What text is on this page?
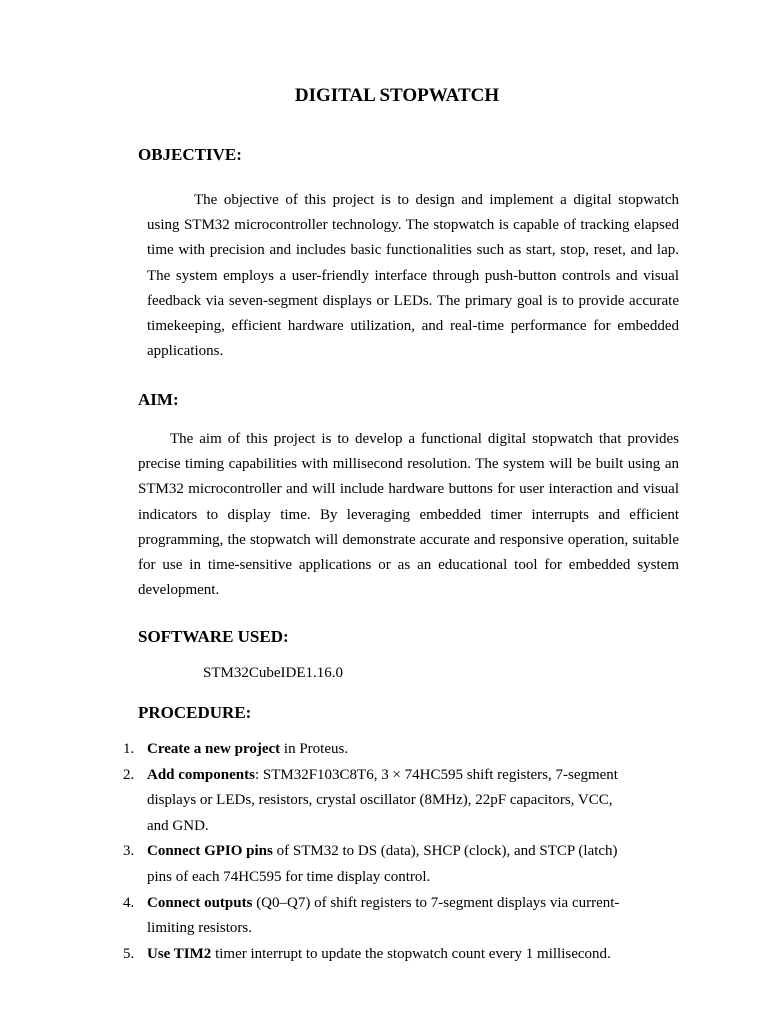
DIGITAL STOPWATCH
OBJECTIVE:
The objective of this project is to design and implement a digital stopwatch using STM32 microcontroller technology. The stopwatch is capable of tracking elapsed time with precision and includes basic functionalities such as start, stop, reset, and lap. The system employs a user-friendly interface through push-button controls and visual feedback via seven-segment displays or LEDs. The primary goal is to provide accurate timekeeping, efficient hardware utilization, and real-time performance for embedded applications.
AIM:
The aim of this project is to develop a functional digital stopwatch that provides precise timing capabilities with millisecond resolution. The system will be built using an STM32 microcontroller and will include hardware buttons for user interaction and visual indicators to display time. By leveraging embedded timer interrupts and efficient programming, the stopwatch will demonstrate accurate and responsive operation, suitable for use in time-sensitive applications or as an educational tool for embedded system development.
SOFTWARE USED:
STM32CubeIDE1.16.0
PROCEDURE:
1. Create a new project in Proteus.
2. Add components: STM32F103C8T6, 3 × 74HC595 shift registers, 7-segment displays or LEDs, resistors, crystal oscillator (8MHz), 22pF capacitors, VCC, and GND.
3. Connect GPIO pins of STM32 to DS (data), SHCP (clock), and STCP (latch) pins of each 74HC595 for time display control.
4. Connect outputs (Q0–Q7) of shift registers to 7-segment displays via current- limiting resistors.
5. Use TIM2 timer interrupt to update the stopwatch count every 1 millisecond.
